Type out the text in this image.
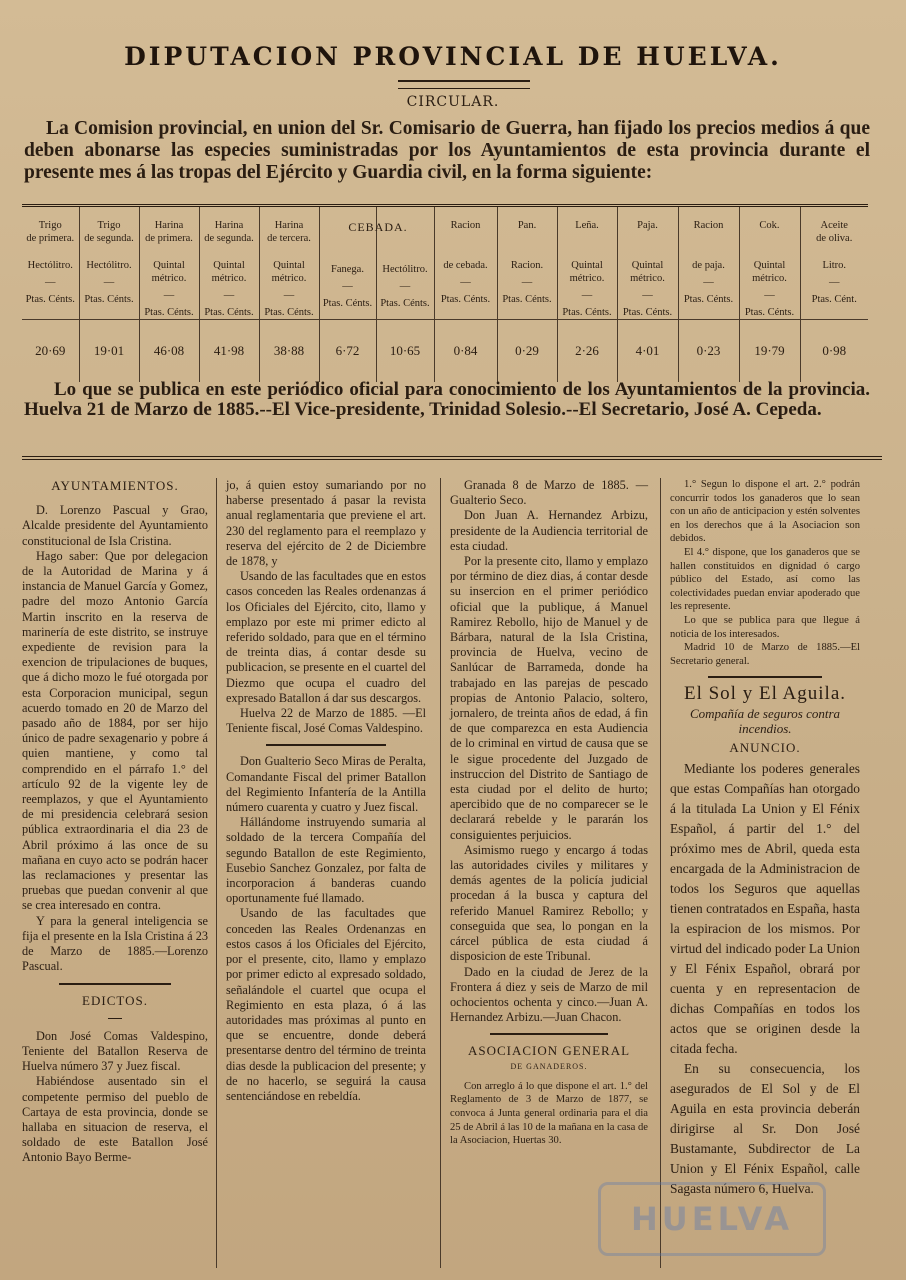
DIPUTACION PROVINCIAL DE HUELVA.
CIRCULAR.

La Comision provincial, en union del Sr. Comisario de Guerra, han fijado los precios medios á que deben abonarse las especies suministradas por los Ayuntamientos de esta provincia durante el presente mes á las tropas del Ejército y Guardia civil, en la forma siguiente:

Trigo
de primera.
Hectólitro.
—
Ptas. Cénts.	Trigo
de segunda.
Hectólitro.
—
Ptas. Cénts.	Harina
de primera.
Quintal métrico.
—
Ptas. Cénts.	Harina
de segunda.
Quintal métrico.
—
Ptas. Cénts.	Harina
de tercera.
Quintal métrico.
—
Ptas. Cénts.	CEBADA.
Fanega.
—
Ptas. Cénts.	Hectólitro.
—
Ptas. Cénts.	Racion

de cebada.
—
Ptas. Cénts.	Pan.

Racion.
—
Ptas. Cénts.	Leña.

Quintal métrico.
—
Ptas. Cénts.	Paja.

Quintal métrico.
—
Ptas. Cénts.	Racion

de paja.
—
Ptas. Cénts.	Cok.

Quintal métrico.
—
Ptas. Cénts.	Aceite
de oliva.
Litro.
—
Ptas. Cént.

20·69	19·01	46·08	41·98	38·88	6·72	10·65	0·84	0·29	2·26	4·01	0·23	19·79	0·98

Lo que se publica en este periódico oficial para conocimiento de los Ayuntamientos de la provincia. Huelva 21 de Marzo de 1885.--El Vice-presidente, Trinidad Solesio.--El Secretario, José A. Cepeda.

AYUNTAMIENTOS.

D. Lorenzo Pascual y Grao, Alcalde presidente del Ayuntamiento constitucional de Isla Cristina.

Hago saber: Que por delegacion de la Autoridad de Marina y á instancia de Manuel García y Gomez, padre del mozo Antonio García Martin inscrito en la reserva de marinería de este distrito, se instruye expediente de revision para la exencion de tripulaciones de buques, que á dicho mozo le fué otorgada por esta Corporacion municipal, segun acuerdo tomado en 20 de Marzo del pasado año de 1884, por ser hijo único de padre sexagenario y pobre á quien mantiene, y como tal comprendido en el párrafo 1.° del artículo 92 de la vigente ley de reemplazos, y que el Ayuntamiento de mi presidencia celebrará sesion pública extraordinaria el dia 23 de Abril próximo á las once de su mañana en cuyo acto se podrán hacer las reclamaciones y presentar las pruebas que puedan convenir al que se crea interesado en contra.

Y para la general inteligencia se fija el presente en la Isla Cristina á 23 de Marzo de 1885.—Lorenzo Pascual.

EDICTOS.

Don José Comas Valdespino, Teniente del Batallon Reserva de Huelva número 37 y Juez fiscal.

Habiéndose ausentado sin el competente permiso del pueblo de Cartaya de esta provincia, donde se hallaba en situacion de reserva, el soldado de este Batallon José Antonio Bayo Berme-

jo, á quien estoy sumariando por no haberse presentado á pasar la revista anual reglamentaria que previene el art. 230 del reglamento para el reemplazo y reserva del ejército de 2 de Diciembre de 1878, y

Usando de las facultades que en estos casos conceden las Reales ordenanzas á los Oficiales del Ejército, cito, llamo y emplazo por este mi primer edicto al referido soldado, para que en el término de treinta dias, á contar desde su publicacion, se presente en el cuartel del Diezmo que ocupa el cuadro del expresado Batallon á dar sus descargos.

Huelva 22 de Marzo de 1885. —El Teniente fiscal, José Comas Valdespino.

Don Gualterio Seco Miras de Peralta, Comandante Fiscal del primer Batallon del Regimiento Infantería de la Antilla número cuarenta y cuatro y Juez fiscal.

Hállándome instruyendo sumaria al soldado de la tercera Compañía del segundo Batallon de este Regimiento, Eusebio Sanchez Gonzalez, por falta de incorporacion á banderas cuando oportunamente fué llamado.

Usando de las facultades que conceden las Reales Ordenanzas en estos casos á los Oficiales del Ejército, por el presente, cito, llamo y emplazo por primer edicto al expresado soldado, señalándole el cuartel que ocupa el Regimiento en esta plaza, ó á las autoridades mas próximas al punto en que se encuentre, donde deberá presentarse dentro del término de treinta dias desde la publicacion del presente; y de no hacerlo, se seguirá la causa sentenciándose en rebeldía.

Granada 8 de Marzo de 1885. —Gualterio Seco.

Don Juan A. Hernandez Arbizu, presidente de la Audiencia territorial de esta ciudad.

Por la presente cito, llamo y emplazo por término de diez dias, á contar desde su insercion en el primer periódico oficial que la publique, á Manuel Ramirez Rebollo, hijo de Manuel y de Bárbara, natural de la Isla Cristina, provincia de Huelva, vecino de Sanlúcar de Barrameda, donde ha trabajado en las parejas de pescado propias de Antonio Palacio, soltero, jornalero, de treinta años de edad, á fin de que comparezca en esta Audiencia de lo criminal en virtud de causa que se le sigue procedente del Juzgado de instruccion del Distrito de Santiago de esta ciudad por el delito de hurto; apercibido que de no comparecer se le declarará rebelde y le pararán los consiguientes perjuicios.

Asimismo ruego y encargo á todas las autoridades civiles y militares y demás agentes de la policía judicial procedan á la busca y captura del referido Manuel Ramirez Rebollo; y conseguida que sea, lo pongan en la cárcel pública de esta ciudad á disposicion de este Tribunal.

Dado en la ciudad de Jerez de la Frontera á diez y seis de Marzo de mil ochocientos ochenta y cinco.—Juan A. Hernandez Arbizu.—Juan Chacon.

ASOCIACION GENERAL
DE GANADEROS.

Con arreglo á lo que dispone el art. 1.° del Reglamento de 3 de Marzo de 1877, se convoca á Junta general ordinaria para el dia 25 de Abril á las 10 de la mañana en la casa de la Asociacion, Huertas 30.

1.° Segun lo dispone el art. 2.° podrán concurrir todos los ganaderos que lo sean con un año de anticipacion y estén solventes en los derechos que á la Asociacion son debidos.

El 4.° dispone, que los ganaderos que se hallen constituidos en dignidad ó cargo público del Estado, así como las colectividades puedan enviar apoderado que les represente.

Lo que se publica para que llegue á noticia de los interesados.

Madrid 10 de Marzo de 1885.—El Secretario general.

El Sol y El Aguila.

Compañía de seguros contra incendios.

ANUNCIO.

Mediante los poderes generales que estas Compañías han otorgado á la titulada La Union y El Fénix Español, á partir del 1.° del próximo mes de Abril, queda esta encargada de la Administracion de todos los Seguros que aquellas tienen contratados en España, hasta la espiracion de los mismos. Por virtud del indicado poder La Union y El Fénix Español, obrará por cuenta y en representacion de dichas Compañías en todos los actos que se originen desde la citada fecha.

En su consecuencia, los asegurados de El Sol y de El Aguila en esta provincia deberán dirigirse al Sr. Don José Bustamante, Subdirector de La Union y El Fénix Español, calle Sagasta número 6, Huelva.

HUELVA
